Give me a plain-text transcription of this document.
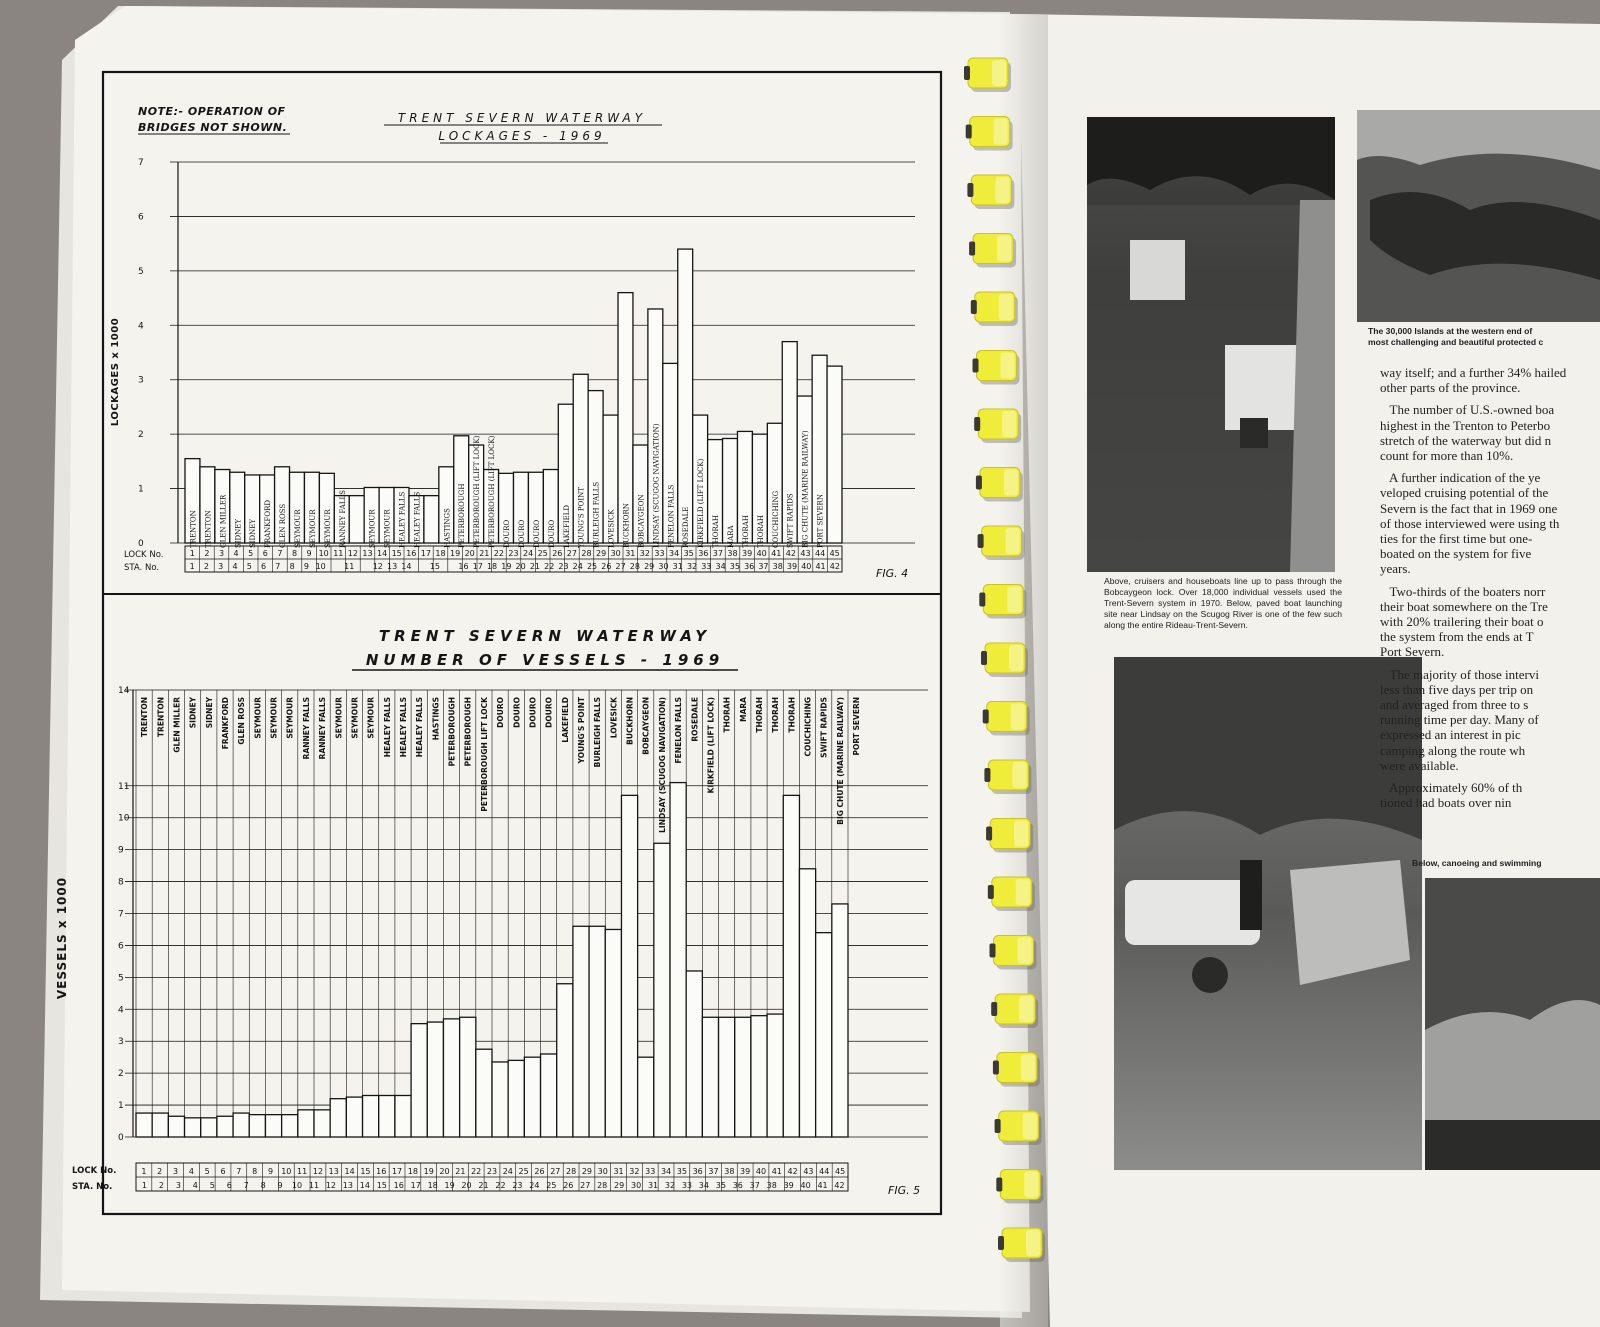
NOTE:- OPERATION OF
BRIDGES NOT SHOWN.
TRENT SEVERN WATERWAY
LOCKAGES - 1969
TRENT SEVERN WATERWAY
NUMBER OF VESSELS - 1969
LOCKAGES x 1000
VESSELS x 1000
FIG. 4
FIG. 5
LOCK No.
STA. No.
LOCK No.
STA. No.
0
1
2
3
4
5
6
7
TRENTON TRENTON GLEN MILLER SIDNEY SIDNEY FRANKFORD GLEN ROSS SEYMOUR SEYMOUR SEYMOUR RANNEY FALLS	SEYMOUR SEYMOUR HEALEY FALLS HEALEY FALLS	HASTINGS PETERBOROUGH PETERBOROUGH (LIFT LOCK) PETERBOROUGH (LIFT LOCK) DOURO DOURO DOURO DOURO LAKEFIELD YOUNG'S POINT BURLEIGH FALLS LOVESICK BUCKHORN BOBCAYGEON LINDSAY (SCUGOG NAVIGATION) FENELON FALLS ROSEDALE KIRKFIELD (LIFT LOCK) THORAH MARA THORAH THORAH COUCHICHING SWIFT RAPIDS BIG CHUTE (MARINE RAILWAY) PORT SEVERN
1 2 3 4 5 6 7 8 9 10 11 12 13 14 15 16 17 18 19 20 21 22 23 24 25 26 27 28 29 30 31 32 33 34 35 36 37 38 39 40 41 42 43 44 45
1 2 3 4 5 6 7 8 9 10 11 12 13 14 15 16 17 18 19 20 21 22 23 24 25 26 27 28 29 30 31 32 33 34 35 36 37 38 39 40 41 42
0
1
2
3
4
5
6
7
8
9
10
11
14
TRENTON TRENTON GLEN MILLER SIDNEY SIDNEY FRANKFORD GLEN ROSS SEYMOUR SEYMOUR SEYMOUR RANNEY FALLS RANNEY FALLS SEYMOUR SEYMOUR SEYMOUR HEALEY FALLS HEALEY FALLS HEALEY FALLS HASTINGS PETERBOROUGH PETERBOROUGH PETERBOROUGH LIFT LOCK DOURO DOURO DOURO DOURO LAKEFIELD YOUNG'S POINT BURLEIGH FALLS LOVESICK BUCKHORN BOBCAYGEON LINDSAY (SCUGOG NAVIGATION) FENELON FALLS ROSEDALE KIRKFIELD (LIFT LOCK) THORAH MARA THORAH THORAH THORAH COUCHICHING SWIFT RAPIDS BIG CHUTE (MARINE RAILWAY) PORT SEVERN
1 2 3 4 5 6 7 8 9 10 11 12 13 14 15 16 17 18 19 20 21 22 23 24 25 26 27 28 29 30 31 32 33 34 35 36 37 38 39 40 41 42 43 44 45
1 2 3 4 5 6 7 8 9 10 11 12 13 14 15 16 17 18 19 20 21 22 23 24 25 26 27 28 29 30 31 32 33 34 35 36 37 38 39 40 41 42
The 30,000 Islands at the western end of
most challenging and beautiful protected c
Above, cruisers and houseboats line up to pass through the Bobcaygeon lock. Over 18,000 individual vessels used the Trent-Severn system in 1970. Below, paved boat launching site near Lindsay on the Scugog River is one of the few such along the entire Rideau-Trent-Severn.
Below, canoeing and swimming

way itself; and a further 34% hailed
other parts of the province.

The number of U.S.-owned boa
highest in the Trenton to Peterbo
stretch of the waterway but did n
count for more than 10%.

A further indication of the ye
veloped cruising potential of the
Severn is the fact that in 1969 one
of those interviewed were using th
ties for the first time but one-
boated on the system for five
years.

Two-thirds of the boaters norr
their boat somewhere on the Tre
with 20% trailering their boat o
the system from the ends at T
Port Severn.

The majority of those intervi
less than five days per trip on
and averaged from three to s
running time per day. Many of
expressed an interest in pic
camping along the route wh
were available.

Approximately 60% of th
tioned had boats over nin
